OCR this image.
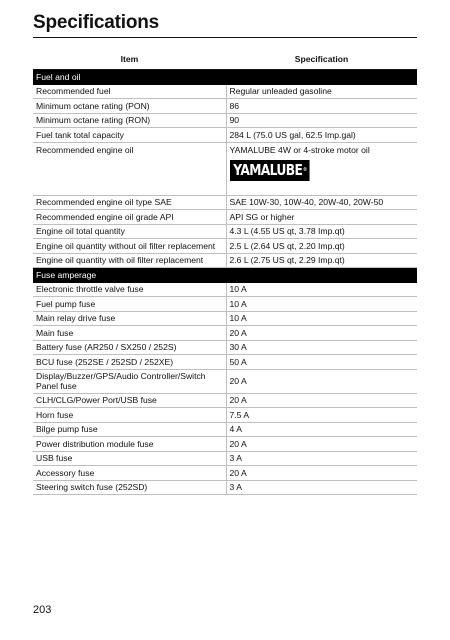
Specifications
Item	Specification
Fuel and oil	
Recommended fuel	Regular unleaded gasoline
Minimum octane rating (PON)	86
Minimum octane rating (RON)	90
Fuel tank total capacity	284 L (75.0 US gal, 62.5 Imp.gal)
Recommended engine oil	YAMALUBE 4W or 4-stroke motor oil
YAMALUBE®
Recommended engine oil type SAE	SAE 10W-30, 10W-40, 20W-40, 20W-50
Recommended engine oil grade API	API SG or higher
Engine oil total quantity	4.3 L (4.55 US qt, 3.78 Imp.qt)
Engine oil quantity without oil filter replacement	2.5 L (2.64 US qt, 2.20 Imp.qt)
Engine oil quantity with oil filter replacement	2.6 L (2.75 US qt, 2.29 Imp.qt)
Fuse amperage	
Electronic throttle valve fuse	10 A
Fuel pump fuse	10 A
Main relay drive fuse	10 A
Main fuse	20 A
Battery fuse (AR250 / SX250 / 252S)	30 A
BCU fuse (252SE / 252SD / 252XE)	50 A
Display/Buzzer/GPS/Audio Controller/Switch Panel fuse	20 A
CLH/CLG/Power Port/USB fuse	20 A
Horn fuse	7.5 A
Bilge pump fuse	4 A
Power distribution module fuse	20 A
USB fuse	3 A
Accessory fuse	20 A
Steering switch fuse (252SD)	3 A
203
